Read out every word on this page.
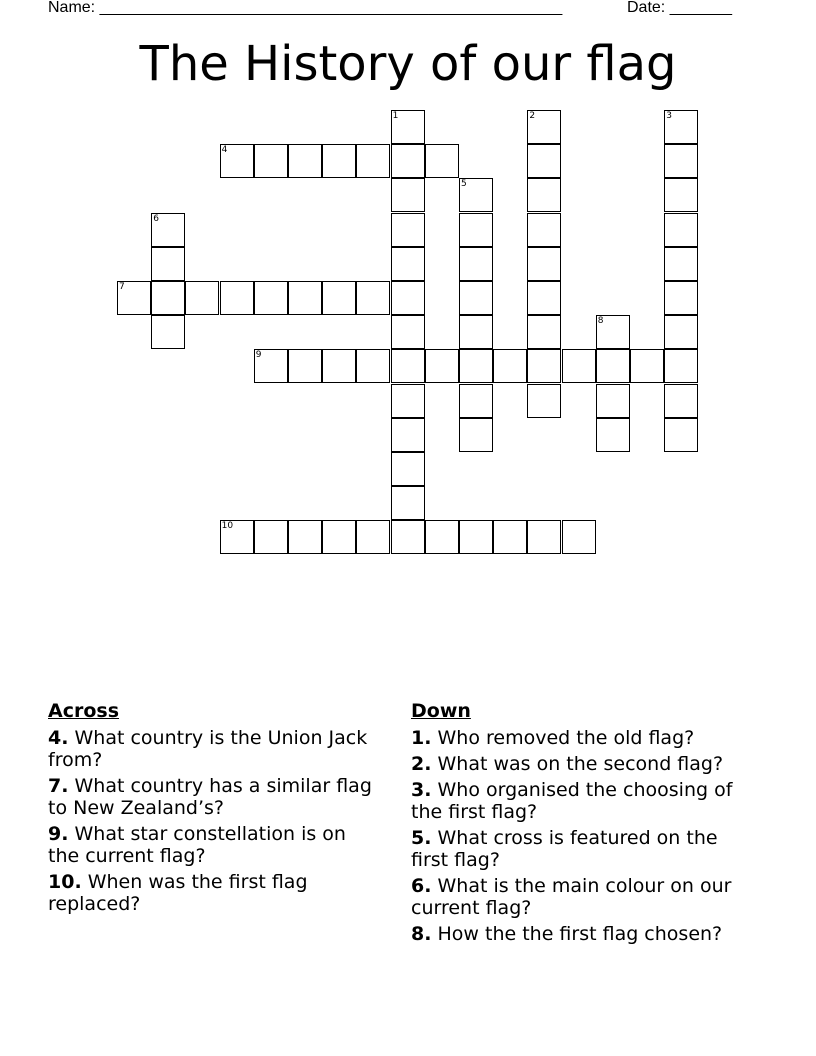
Name: ____________________________________________________	Date: _______
The History of our flag
1	2	3
4
5
6
7
8
9
10
Across
4. What country is the Union Jack from?
7. What country has a similar flag to New Zealand’s?
9. What star constellation is on the current flag?
10. When was the first flag replaced?
Down
1. Who removed the old flag?
2. What was on the second flag?
3. Who organised the choosing of the first flag?
5. What cross is featured on the first flag?
6. What is the main colour on our current flag?
8. How the the first flag chosen?
